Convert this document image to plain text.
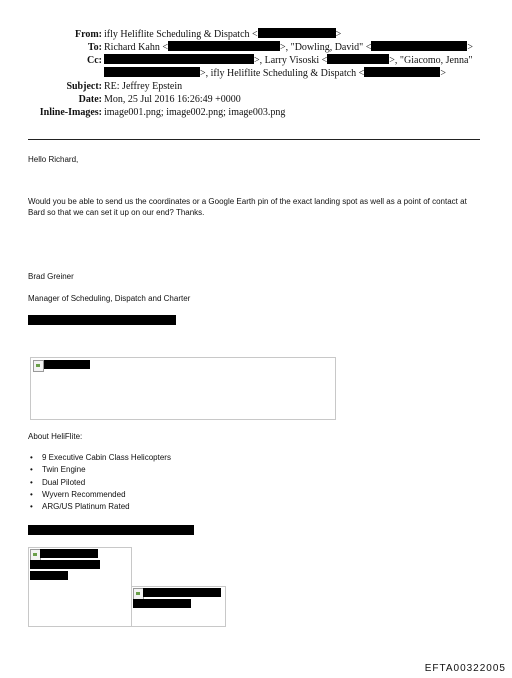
From: ifly Heliflite Scheduling & Dispatch <	>
To: Richard Kahn <	>, "Dowling, David" <	>
Cc:	>, Larry Visoski <	>, "Giacomo, Jenna"
>, ifly Heliflite Scheduling & Dispatch <	>
Subject: RE: Jeffrey Epstein
Date: Mon, 25 Jul 2016 16:26:49 +0000
Inline-Images: image001.png; image002.png; image003.png
Hello Richard,
Would you be able to send us the coordinates or a Google Earth pin of the exact landing spot as well as a point of contact at Bard so that we can set it up on our end? Thanks.
Brad Greiner
Manager of Scheduling, Dispatch and Charter
About HeliFlite:
• 9 Executive Cabin Class Helicopters
• Twin Engine
• Dual Piloted
• Wyvern Recommended
• ARG/US Platinum Rated
EFTA00322005
